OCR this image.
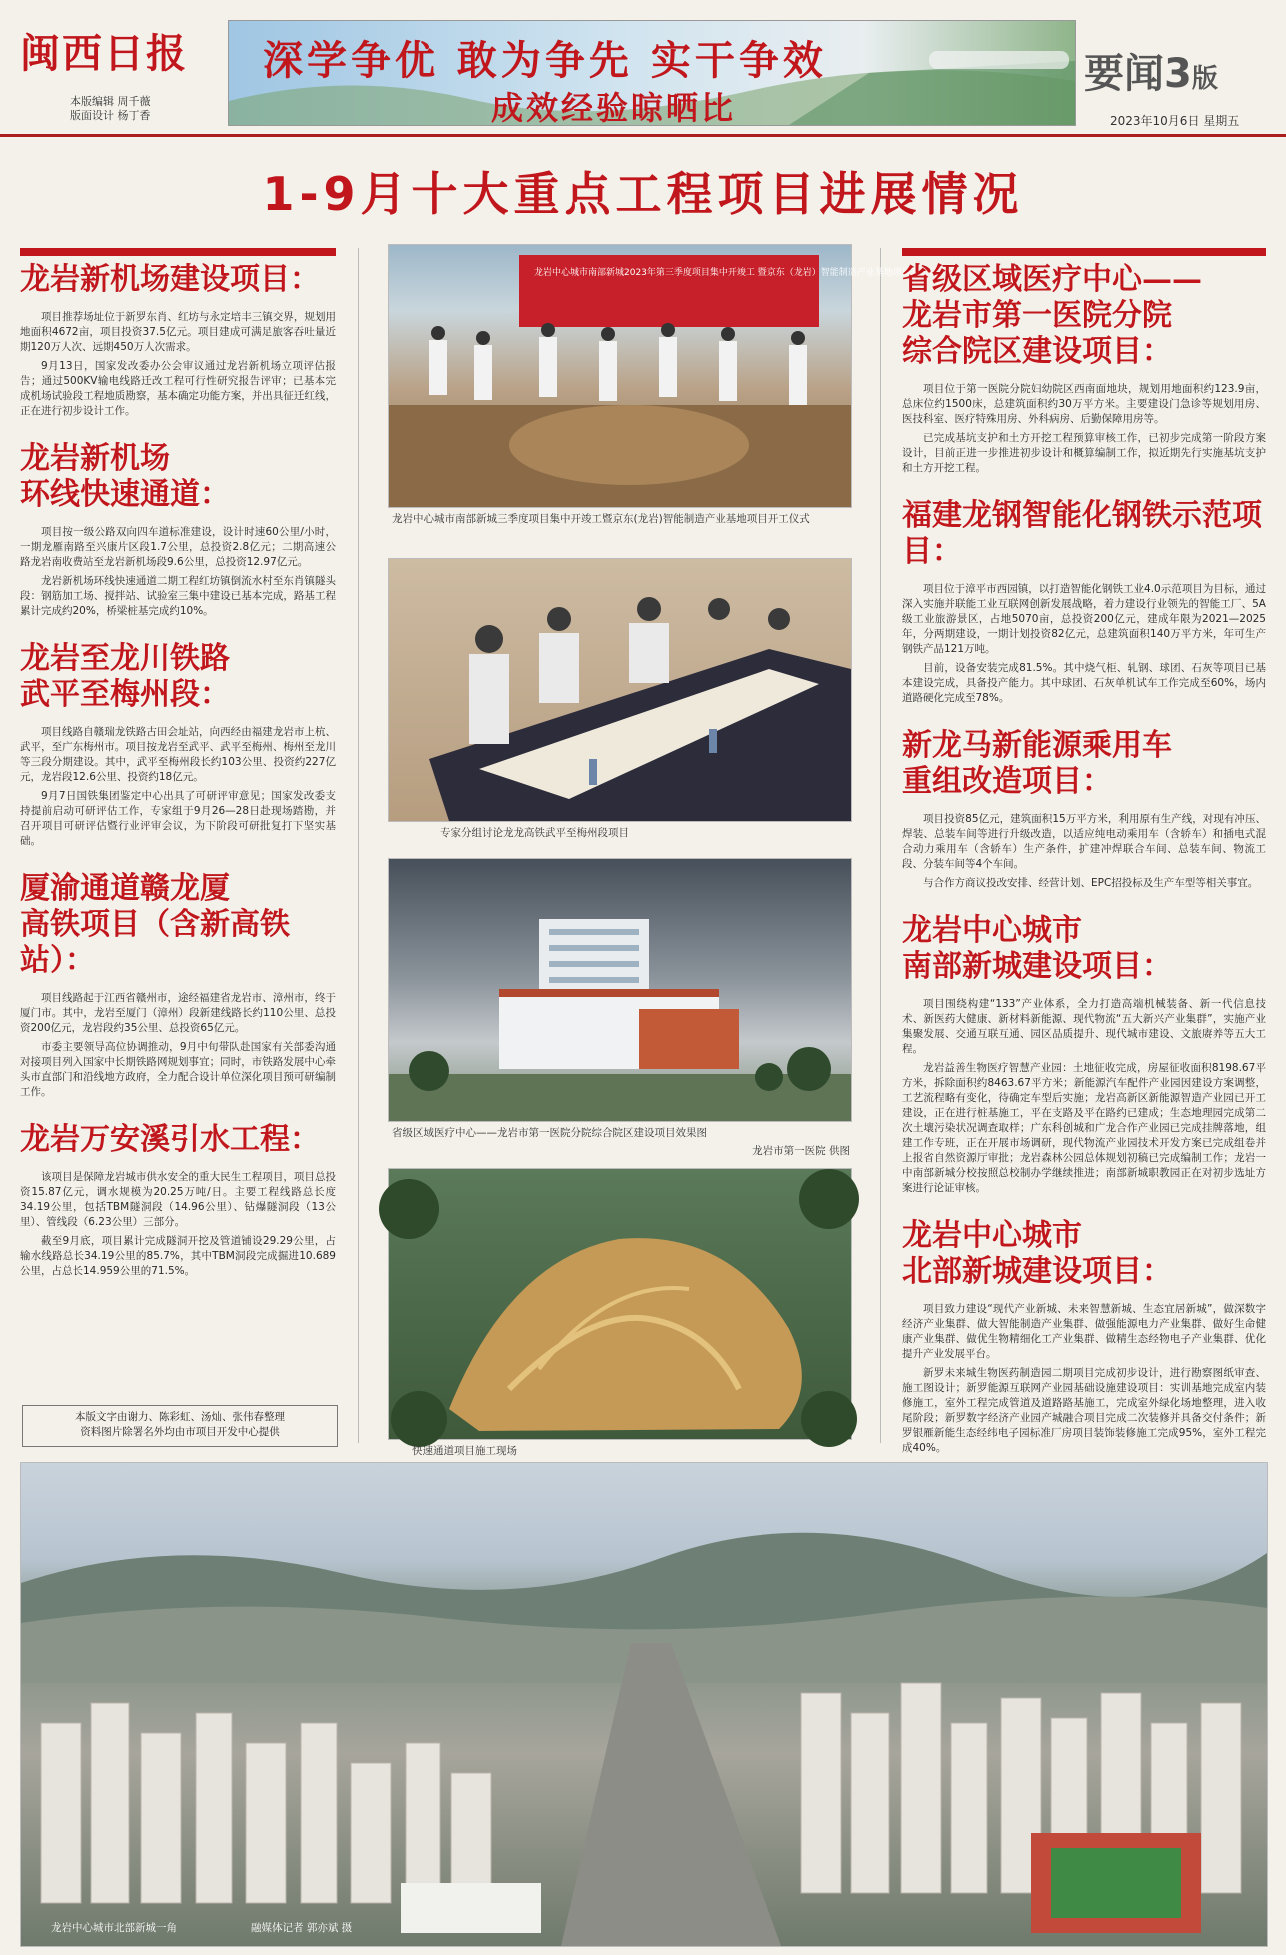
闽西日报
本版编辑 周千薇
版面设计 杨丁香
深学争优 敢为争先 实干争效
成效经验晾晒比
要闻3版
2023年10月6日 星期五
1-9月十大重点工程项目进展情况
龙岩新机场建设项目：

项目推荐场址位于新罗东肖、红坊与永定培丰三镇交界，规划用地面积4672亩，项目投资37.5亿元。项目建成可满足旅客吞吐量近期120万人次、远期450万人次需求。

9月13日，国家发改委办公会审议通过龙岩新机场立项评估报告；通过500KV输电线路迁改工程可行性研究报告评审；已基本完成机场试验段工程地质勘察，基本确定功能方案，并出具征迁红线，正在进行初步设计工作。

龙岩新机场
环线快速通道：

项目按一级公路双向四车道标准建设，设计时速60公里/小时，一期龙雁南路至兴康片区段1.7公里，总投资2.8亿元；二期高速公路龙岩南收费站至龙岩新机场段9.6公里，总投资12.97亿元。

龙岩新机场环线快速通道二期工程红坊镇倒流水村至东肖镇隧头段：钢筋加工场、搅拌站、试验室三集中建设已基本完成，路基工程累计完成约20%，桥梁桩基完成约10%。

龙岩至龙川铁路
武平至梅州段：

项目线路自赣瑞龙铁路古田会址站，向西经由福建龙岩市上杭、武平，至广东梅州市。项目按龙岩至武平、武平至梅州、梅州至龙川等三段分期建设。其中，武平至梅州段长约103公里、投资约227亿元，龙岩段12.6公里、投资约18亿元。

9月7日国铁集团鉴定中心出具了可研评审意见；国家发改委支持提前启动可研评估工作，专家组于9月26—28日赴现场踏勘，并召开项目可研评估暨行业评审会议，为下阶段可研批复打下坚实基础。

厦渝通道赣龙厦
高铁项目（含新高铁站）：

项目线路起于江西省赣州市，途经福建省龙岩市、漳州市，终于厦门市。其中，龙岩至厦门（漳州）段新建线路长约110公里、总投资200亿元，龙岩段约35公里、总投资65亿元。

市委主要领导高位协调推动，9月中旬带队赴国家有关部委沟通对接项目列入国家中长期铁路网规划事宜；同时，市铁路发展中心牵头市直部门和沿线地方政府，全力配合设计单位深化项目预可研编制工作。

龙岩万安溪引水工程：

该项目是保障龙岩城市供水安全的重大民生工程项目，项目总投资15.87亿元，调水规模为20.25万吨/日。主要工程线路总长度34.19公里，包括TBM隧洞段（14.96公里）、钻爆隧洞段（13公里）、管线段（6.23公里）三部分。

截至9月底，项目累计完成隧洞开挖及管道铺设29.29公里，占输水线路总长34.19公里的85.7%，其中TBM洞段完成掘进10.689公里，占总长14.959公里的71.5%。

本版文字由谢力、陈彩虹、汤灿、张伟春整理
资料图片除署名外均由市项目开发中心提供
龙岩中心城市南部新城2023年第三季度项目集中开竣工 暨京东（龙岩）智能制造产业基地项目开工仪式
龙岩中心城市南部新城三季度项目集中开竣工暨京东(龙岩)智能制造产业基地项目开工仪式
专家分组讨论龙龙高铁武平至梅州段项目
省级区域医疗中心——龙岩市第一医院分院综合院区建设项目效果图
龙岩市第一医院 供图
快速通道项目施工现场
省级区域医疗中心——
龙岩市第一医院分院
综合院区建设项目：

项目位于第一医院分院妇幼院区西南面地块，规划用地面积约123.9亩，总床位约1500床，总建筑面积约30万平方米。主要建设门急诊等规划用房、医技科室、医疗特殊用房、外科病房、后勤保障用房等。

已完成基坑支护和土方开挖工程预算审核工作，已初步完成第一阶段方案设计，目前正进一步推进初步设计和概算编制工作，拟近期先行实施基坑支护和土方开挖工程。

福建龙钢智能化钢铁示范项目：

项目位于漳平市西园镇，以打造智能化钢铁工业4.0示范项目为目标，通过深入实施并联能工业互联网创新发展战略，着力建设行业领先的智能工厂、5A级工业旅游景区，占地5070亩，总投资200亿元，建成年限为2021—2025年，分两期建设，一期计划投资82亿元，总建筑面积140万平方米，年可生产钢铁产品121万吨。

目前，设备安装完成81.5%。其中烧气柜、轧钢、球团、石灰等项目已基本建设完成，具备投产能力。其中球团、石灰单机试车工作完成至60%，场内道路硬化完成至78%。

新龙马新能源乘用车
重组改造项目：

项目投资85亿元，建筑面积15万平方米，利用原有生产线，对现有冲压、焊装、总装车间等进行升级改造，以适应纯电动乘用车（含轿车）和插电式混合动力乘用车（含轿车）生产条件，扩建冲焊联合车间、总装车间、物流工段、分装车间等4个车间。

与合作方商议投改安排、经营计划、EPC招投标及生产车型等相关事宜。

龙岩中心城市
南部新城建设项目：

项目围绕构建“133”产业体系，全力打造高端机械装备、新一代信息技术、新医药大健康、新材料新能源、现代物流“五大新兴产业集群”，实施产业集聚发展、交通互联互通、园区品质提升、现代城市建设、文旅赓养等五大工程。

龙岩益善生物医疗智慧产业园：土地征收完成，房屋征收面积8198.67平方米，拆除面积约8463.67平方米；新能源汽车配件产业园因建设方案调整，工艺流程略有变化，待确定车型后实施；龙岩高新区新能源智造产业园已开工建设，正在进行桩基施工，平在支路及平在路约已建成；生态地理园完成第二次土壤污染状况调查取样；广东科创城和广龙合作产业园已完成挂牌落地，组建工作专班，正在开展市场调研，现代物流产业园技术开发方案已完成组卷并上报省自然资源厅审批；龙岩森林公园总体规划初稿已完成编制工作；龙岩一中南部新城分校按照总校制办学继续推进；南部新城职教园正在对初步选址方案进行论证审核。

龙岩中心城市
北部新城建设项目：

项目致力建设“现代产业新城、未来智慧新城、生态宜居新城”，做深数字经济产业集群、做大智能制造产业集群、做强能源电力产业集群、做好生命健康产业集群、做优生物精细化工产业集群、做精生态经物电子产业集群、优化提升产业发展平台。

新罗未来城生物医药制造园二期项目完成初步设计，进行勘察图纸审查、施工图设计；新罗能源互联网产业园基础设施建设项目：实训基地完成室内装修施工，室外工程完成管道及道路路基施工，完成室外绿化场地整理，进入收尾阶段；新罗数字经济产业园产城融合项目完成二次装修并具备交付条件；新罗银雁新能生态经纬电子园标准厂房项目装饰装修施工完成95%，室外工程完成40%。

龙岩中心城市北部新城一角	融媒体记者 郭亦斌 摄
